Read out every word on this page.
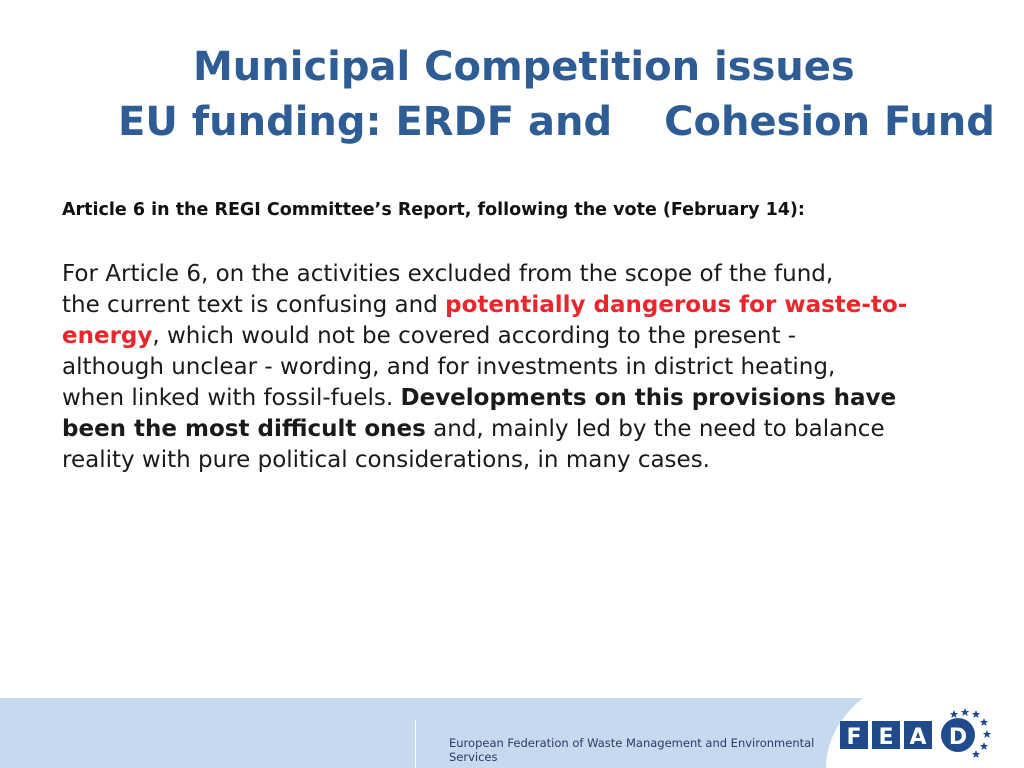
Municipal Competition issues
EU funding: ERDF and Cohesion Fund

Article 6 in the REGI Committee’s Report, following the vote (February 14):

For Article 6, on the activities excluded from the scope of the fund,
the current text is confusing and potentially dangerous for waste-to-
energy, which would not be covered according to the present -
although unclear - wording, and for investments in district heating,
when linked with fossil-fuels. Developments on this provisions have
been the most difficult ones and, mainly led by the need to balance
reality with pure political considerations, in many cases.

European Federation of Waste Management and Environmental Services

F E A D
